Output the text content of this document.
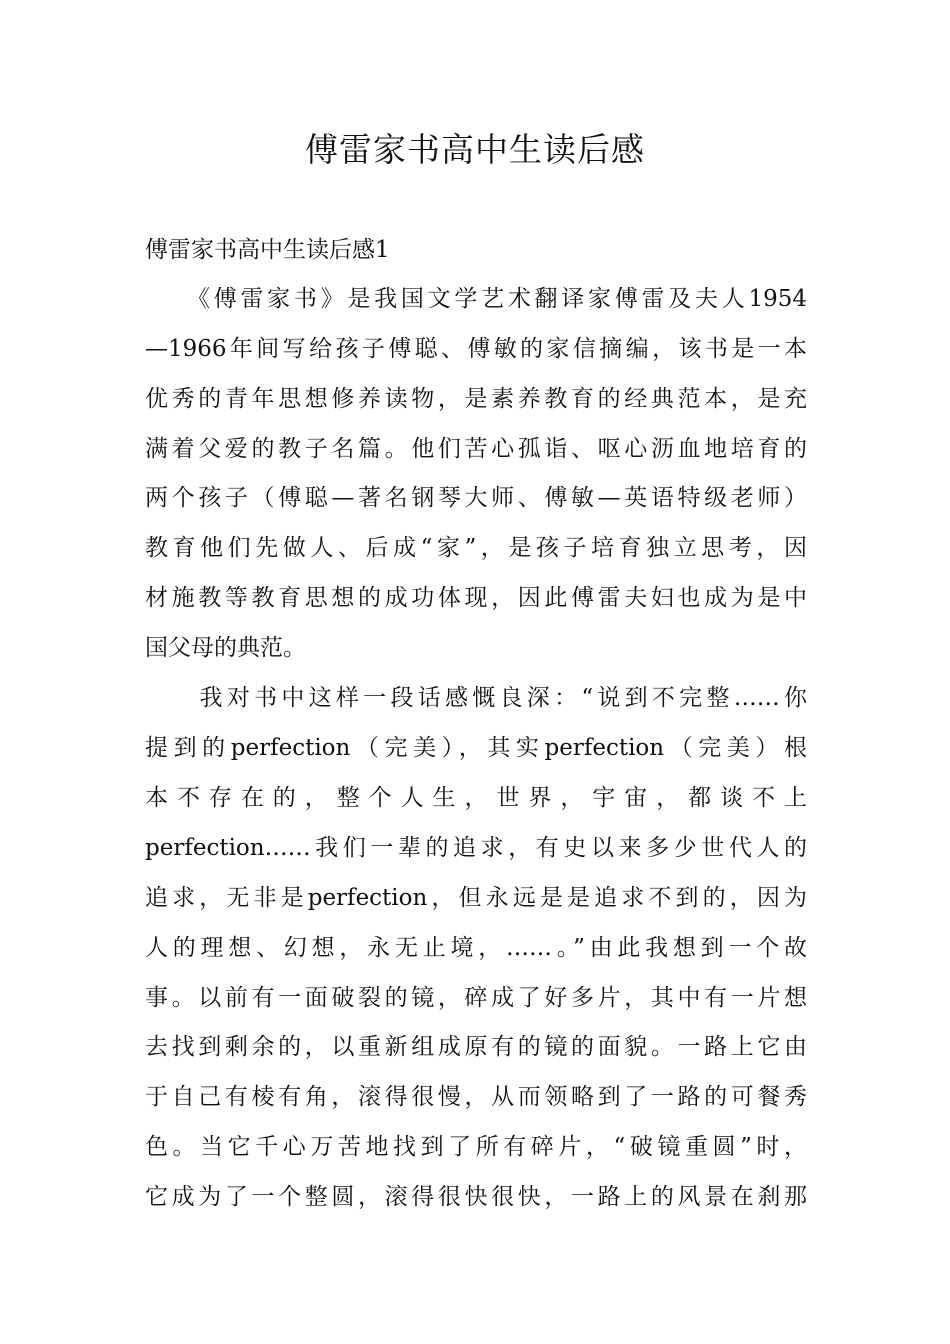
傅雷家书高中生读后感
傅雷家书高中生读后感1
　　《傅雷家书》是我国文学艺术翻译家傅雷及夫人1954
—1966年间写给孩子傅聪、傅敏的家信摘编，该书是一本
优秀的青年思想修养读物，是素养教育的经典范本，是充
满着父爱的教子名篇。他们苦心孤诣、呕心沥血地培育的
两个孩子（傅聪—著名钢琴大师、傅敏—英语特级老师）
教育他们先做人、后成“家”，是孩子培育独立思考，因
材施教等教育思想的成功体现，因此傅雷夫妇也成为是中
国父母的典范。
　　我对书中这样一段话感慨良深：“说到不完整……你
提到的perfection（完美），其实perfection（完美）根
本不存在的，整个人生，世界，宇宙，都谈不上
perfection……我们一辈的追求，有史以来多少世代人的
追求，无非是perfection，但永远是是追求不到的，因为
人的理想、幻想，永无止境，……。”由此我想到一个故
事。以前有一面破裂的镜，碎成了好多片，其中有一片想
去找到剩余的，以重新组成原有的镜的面貌。一路上它由
于自己有棱有角，滚得很慢，从而领略到了一路的可餐秀
色。当它千心万苦地找到了所有碎片，“破镜重圆”时，
它成为了一个整圆，滚得很快很快，一路上的风景在刹那
